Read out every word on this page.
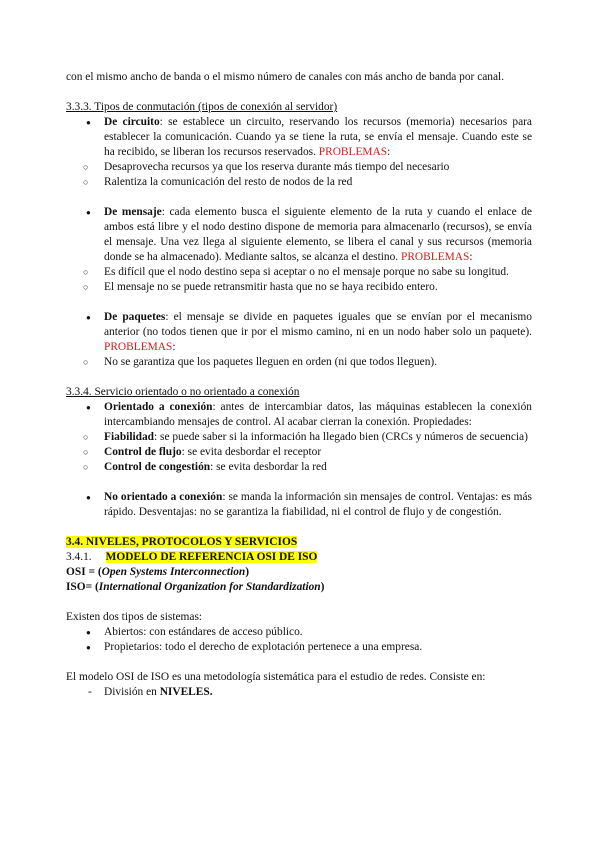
con el mismo ancho de banda o el mismo número de canales con más ancho de banda por canal.

3.3.3. Tipos de conmutación (tipos de conexión al servidor)

● De circuito: se establece un circuito, reservando los recursos (memoria) necesarios para establecer la comunicación. Cuando ya se tiene la ruta, se envía el mensaje. Cuando este se ha recibido, se liberan los recursos reservados. PROBLEMAS:
○ Desaprovecha recursos ya que los reserva durante más tiempo del necesario
○ Ralentiza la comunicación del resto de nodos de la red
● De mensaje: cada elemento busca el siguiente elemento de la ruta y cuando el enlace de ambos está libre y el nodo destino dispone de memoria para almacenarlo (recursos), se envía el mensaje. Una vez llega al siguiente elemento, se libera el canal y sus recursos (memoria donde se ha almacenado). Mediante saltos, se alcanza el destino. PROBLEMAS:
○ Es difícil que el nodo destino sepa si aceptar o no el mensaje porque no sabe su longitud.
○ El mensaje no se puede retransmitir hasta que no se haya recibido entero.
● De paquetes: el mensaje se divide en paquetes iguales que se envían por el mecanismo anterior (no todos tienen que ir por el mismo camino, ni en un nodo haber solo un paquete). PROBLEMAS:
○ No se garantiza que los paquetes lleguen en orden (ni que todos lleguen).

3.3.4. Servicio orientado o no orientado a conexión

● Orientado a conexión: antes de intercambiar datos, las máquinas establecen la conexión intercambiando mensajes de control. Al acabar cierran la conexión. Propiedades:
○ Fiabilidad: se puede saber si la información ha llegado bien (CRCs y números de secuencia)
○ Control de flujo: se evita desbordar el receptor
○ Control de congestión: se evita desbordar la red
● No orientado a conexión: se manda la información sin mensajes de control. Ventajas: es más rápido. Desventajas: no se garantiza la fiabilidad, ni el control de flujo y de congestión.

3.4. NIVELES, PROTOCOLOS Y SERVICIOS

3.4.1. MODELO DE REFERENCIA OSI DE ISO

OSI = (Open Systems Interconnection)

ISO= (International Organization for Standardization)

Existen dos tipos de sistemas:

● Abiertos: con estándares de acceso público.
● Propietarios: todo el derecho de explotación pertenece a una empresa.

El modelo OSI de ISO es una metodología sistemática para el estudio de redes. Consiste en:

- División en NIVELES.
